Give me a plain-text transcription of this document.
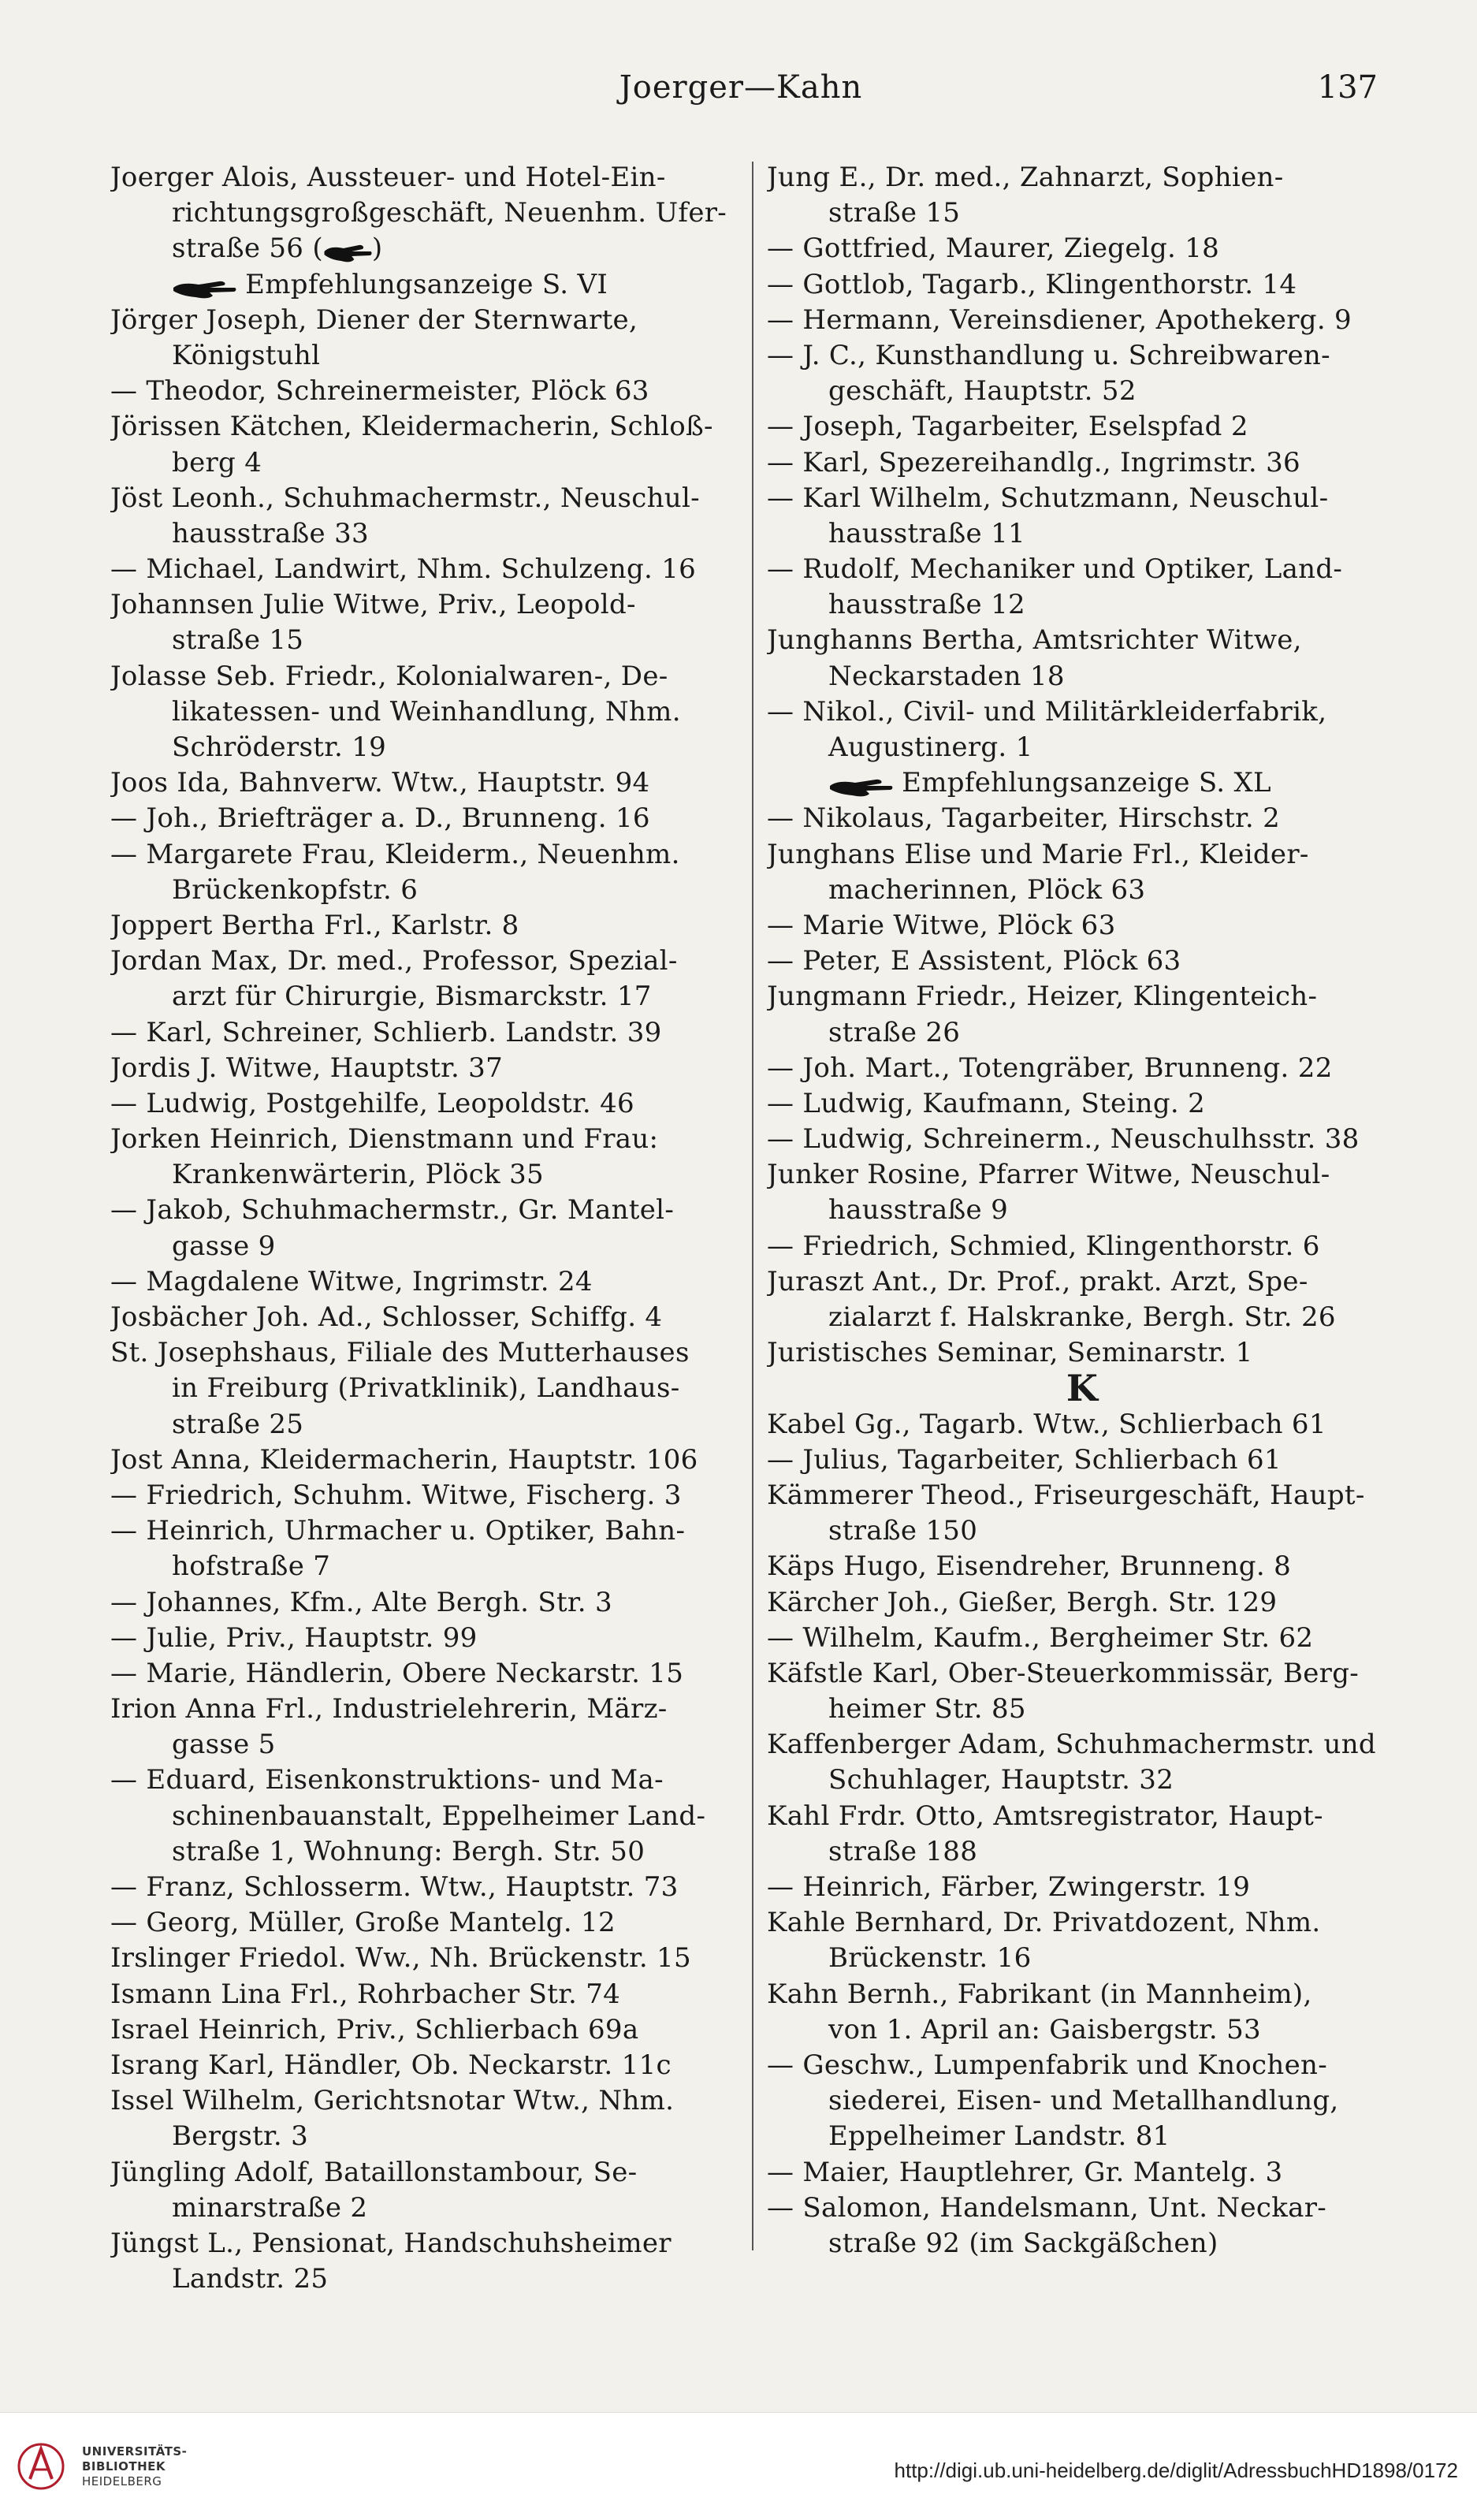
Joerger—Kahn	137
Joerger Alois, Aussteuer- und Hotel-Ein-
richtungsgroßgeschäft, Neuenhm. Ufer-
straße 56 ( )
Empfehlungsanzeige S. VI
Jörger Joseph, Diener der Sternwarte,
Königstuhl
— Theodor, Schreinermeister, Plöck 63
Jörissen Kätchen, Kleidermacherin, Schloß-
berg 4
Jöst Leonh., Schuhmachermstr., Neuschul-
hausstraße 33
— Michael, Landwirt, Nhm. Schulzeng. 16
Johannsen Julie Witwe, Priv., Leopold-
straße 15
Jolasse Seb. Friedr., Kolonialwaren-, De-
likatessen- und Weinhandlung, Nhm.
Schröderstr. 19
Joos Ida, Bahnverw. Wtw., Hauptstr. 94
— Joh., Briefträger a. D., Brunneng. 16
— Margarete Frau, Kleiderm., Neuenhm.
Brückenkopfstr. 6
Joppert Bertha Frl., Karlstr. 8
Jordan Max, Dr. med., Professor, Spezial-
arzt für Chirurgie, Bismarckstr. 17
— Karl, Schreiner, Schlierb. Landstr. 39
Jordis J. Witwe, Hauptstr. 37
— Ludwig, Postgehilfe, Leopoldstr. 46
Jorken Heinrich, Dienstmann und Frau:
Krankenwärterin, Plöck 35
— Jakob, Schuhmachermstr., Gr. Mantel-
gasse 9
— Magdalene Witwe, Ingrimstr. 24
Josbächer Joh. Ad., Schlosser, Schiffg. 4
St. Josephshaus, Filiale des Mutterhauses
in Freiburg (Privatklinik), Landhaus-
straße 25
Jost Anna, Kleidermacherin, Hauptstr. 106
— Friedrich, Schuhm. Witwe, Fischerg. 3
— Heinrich, Uhrmacher u. Optiker, Bahn-
hofstraße 7
— Johannes, Kfm., Alte Bergh. Str. 3
— Julie, Priv., Hauptstr. 99
— Marie, Händlerin, Obere Neckarstr. 15
Irion Anna Frl., Industrielehrerin, März-
gasse 5
— Eduard, Eisenkonstruktions- und Ma-
schinenbauanstalt, Eppelheimer Land-
straße 1, Wohnung: Bergh. Str. 50
— Franz, Schlosserm. Wtw., Hauptstr. 73
— Georg, Müller, Große Mantelg. 12
Irslinger Friedol. Ww., Nh. Brückenstr. 15
Ismann Lina Frl., Rohrbacher Str. 74
Israel Heinrich, Priv., Schlierbach 69a
Israng Karl, Händler, Ob. Neckarstr. 11c
Issel Wilhelm, Gerichtsnotar Wtw., Nhm.
Bergstr. 3
Jüngling Adolf, Bataillonstambour, Se-
minarstraße 2
Jüngst L., Pensionat, Handschuhsheimer
Landstr. 25
Jung E., Dr. med., Zahnarzt, Sophien-
straße 15
— Gottfried, Maurer, Ziegelg. 18
— Gottlob, Tagarb., Klingenthorstr. 14
— Hermann, Vereinsdiener, Apothekerg. 9
— J. C., Kunsthandlung u. Schreibwaren-
geschäft, Hauptstr. 52
— Joseph, Tagarbeiter, Eselspfad 2
— Karl, Spezereihandlg., Ingrimstr. 36
— Karl Wilhelm, Schutzmann, Neuschul-
hausstraße 11
— Rudolf, Mechaniker und Optiker, Land-
hausstraße 12
Junghanns Bertha, Amtsrichter Witwe,
Neckarstaden 18
— Nikol., Civil- und Militärkleiderfabrik,
Augustinerg. 1
Empfehlungsanzeige S. XL
— Nikolaus, Tagarbeiter, Hirschstr. 2
Junghans Elise und Marie Frl., Kleider-
macherinnen, Plöck 63
— Marie Witwe, Plöck 63
— Peter, E Assistent, Plöck 63
Jungmann Friedr., Heizer, Klingenteich-
straße 26
— Joh. Mart., Totengräber, Brunneng. 22
— Ludwig, Kaufmann, Steing. 2
— Ludwig, Schreinerm., Neuschulhsstr. 38
Junker Rosine, Pfarrer Witwe, Neuschul-
hausstraße 9
— Friedrich, Schmied, Klingenthorstr. 6
Juraszt Ant., Dr. Prof., prakt. Arzt, Spe-
zialarzt f. Halskranke, Bergh. Str. 26
Juristisches Seminar, Seminarstr. 1
K
Kabel Gg., Tagarb. Wtw., Schlierbach 61
— Julius, Tagarbeiter, Schlierbach 61
Kämmerer Theod., Friseurgeschäft, Haupt-
straße 150
Käps Hugo, Eisendreher, Brunneng. 8
Kärcher Joh., Gießer, Bergh. Str. 129
— Wilhelm, Kaufm., Bergheimer Str. 62
Käfstle Karl, Ober-Steuerkommissär, Berg-
heimer Str. 85
Kaffenberger Adam, Schuhmachermstr. und
Schuhlager, Hauptstr. 32
Kahl Frdr. Otto, Amtsregistrator, Haupt-
straße 188
— Heinrich, Färber, Zwingerstr. 19
Kahle Bernhard, Dr. Privatdozent, Nhm.
Brückenstr. 16
Kahn Bernh., Fabrikant (in Mannheim),
von 1. April an: Gaisbergstr. 53
— Geschw., Lumpenfabrik und Knochen-
siederei, Eisen- und Metallhandlung,
Eppelheimer Landstr. 81
— Maier, Hauptlehrer, Gr. Mantelg. 3
— Salomon, Handelsmann, Unt. Neckar-
straße 92 (im Sackgäßchen)
UNIVERSITÄTS-
BIBLIOTHEK
HEIDELBERG	http://digi.ub.uni-heidelberg.de/diglit/AdressbuchHD1898/0172
